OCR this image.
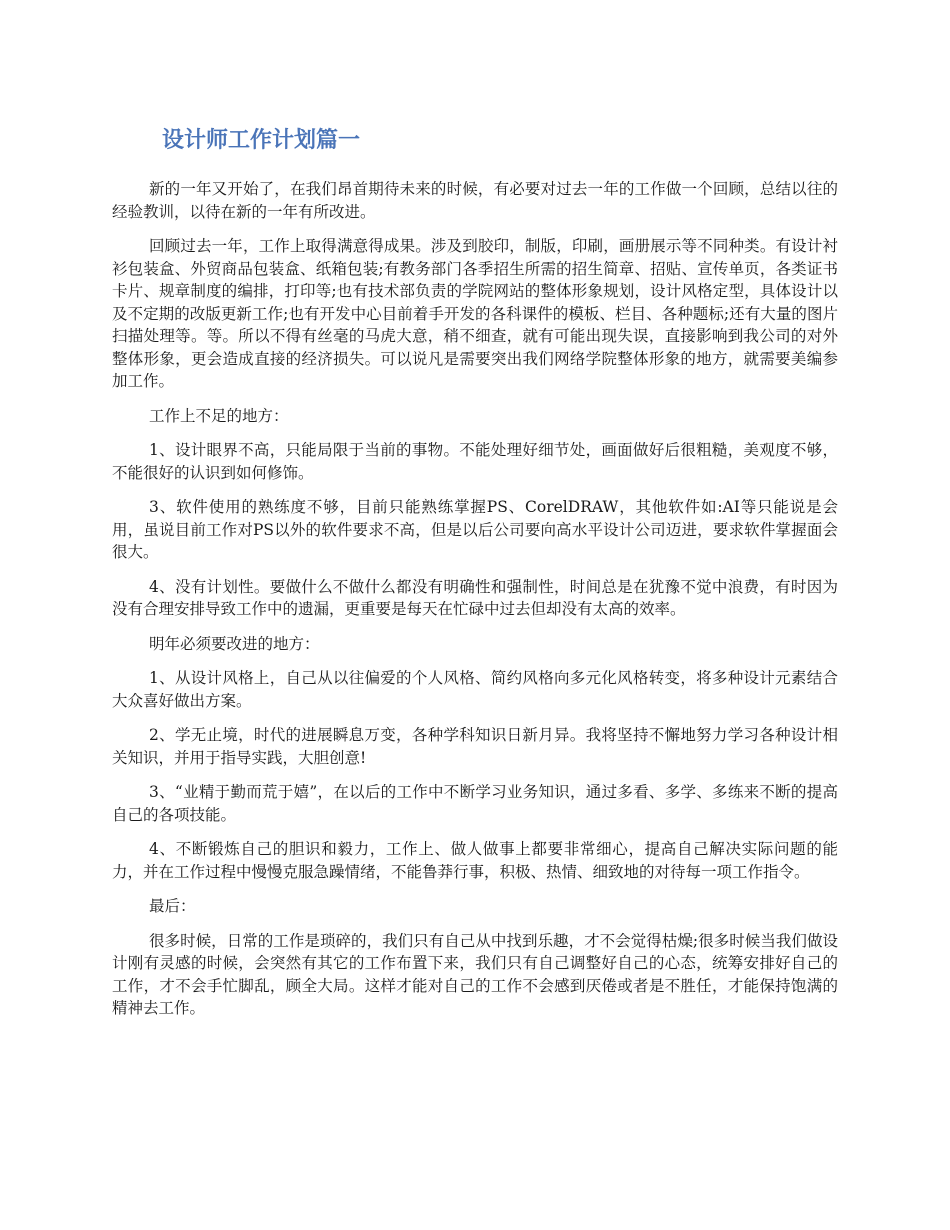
设计师工作计划篇一

新的一年又开始了，在我们昂首期待未来的时候，有必要对过去一年的工作做一个回顾，总结以往的经验教训，以待在新的一年有所改进。

回顾过去一年，工作上取得满意得成果。涉及到胶印，制版，印刷，画册展示等不同种类。有设计衬衫包装盒、外贸商品包装盒、纸箱包装;有教务部门各季招生所需的招生简章、招贴、宣传单页，各类证书卡片、规章制度的编排，打印等;也有技术部负责的学院网站的整体形象规划，设计风格定型，具体设计以及不定期的改版更新工作;也有开发中心目前着手开发的各科课件的模板、栏目、各种题标;还有大量的图片扫描处理等。等。所以不得有丝毫的马虎大意，稍不细查，就有可能出现失误，直接影响到我公司的对外整体形象，更会造成直接的经济损失。可以说凡是需要突出我们网络学院整体形象的地方，就需要美编参加工作。

工作上不足的地方：

1、设计眼界不高，只能局限于当前的事物。不能处理好细节处，画面做好后很粗糙，美观度不够，不能很好的认识到如何修饰。

3、软件使用的熟练度不够，目前只能熟练掌握PS、CorelDRAW，其他软件如:AI等只能说是会用，虽说目前工作对PS以外的软件要求不高，但是以后公司要向高水平设计公司迈进，要求软件掌握面会很大。

4、没有计划性。要做什么不做什么都没有明确性和强制性，时间总是在犹豫不觉中浪费，有时因为没有合理安排导致工作中的遗漏，更重要是每天在忙碌中过去但却没有太高的效率。

明年必须要改进的地方：

1、从设计风格上，自己从以往偏爱的个人风格、简约风格向多元化风格转变，将多种设计元素结合大众喜好做出方案。

2、学无止境，时代的进展瞬息万变，各种学科知识日新月异。我将坚持不懈地努力学习各种设计相关知识，并用于指导实践，大胆创意!

3、“业精于勤而荒于嬉”，在以后的工作中不断学习业务知识，通过多看、多学、多练来不断的提高自己的各项技能。

4、不断锻炼自己的胆识和毅力，工作上、做人做事上都要非常细心，提高自己解决实际问题的能力，并在工作过程中慢慢克服急躁情绪，不能鲁莽行事，积极、热情、细致地的对待每一项工作指令。

最后：

很多时候，日常的工作是琐碎的，我们只有自己从中找到乐趣，才不会觉得枯燥;很多时候当我们做设计刚有灵感的时候，会突然有其它的工作布置下来，我们只有自己调整好自己的心态，统筹安排好自己的工作，才不会手忙脚乱，顾全大局。这样才能对自己的工作不会感到厌倦或者是不胜任，才能保持饱满的精神去工作。
